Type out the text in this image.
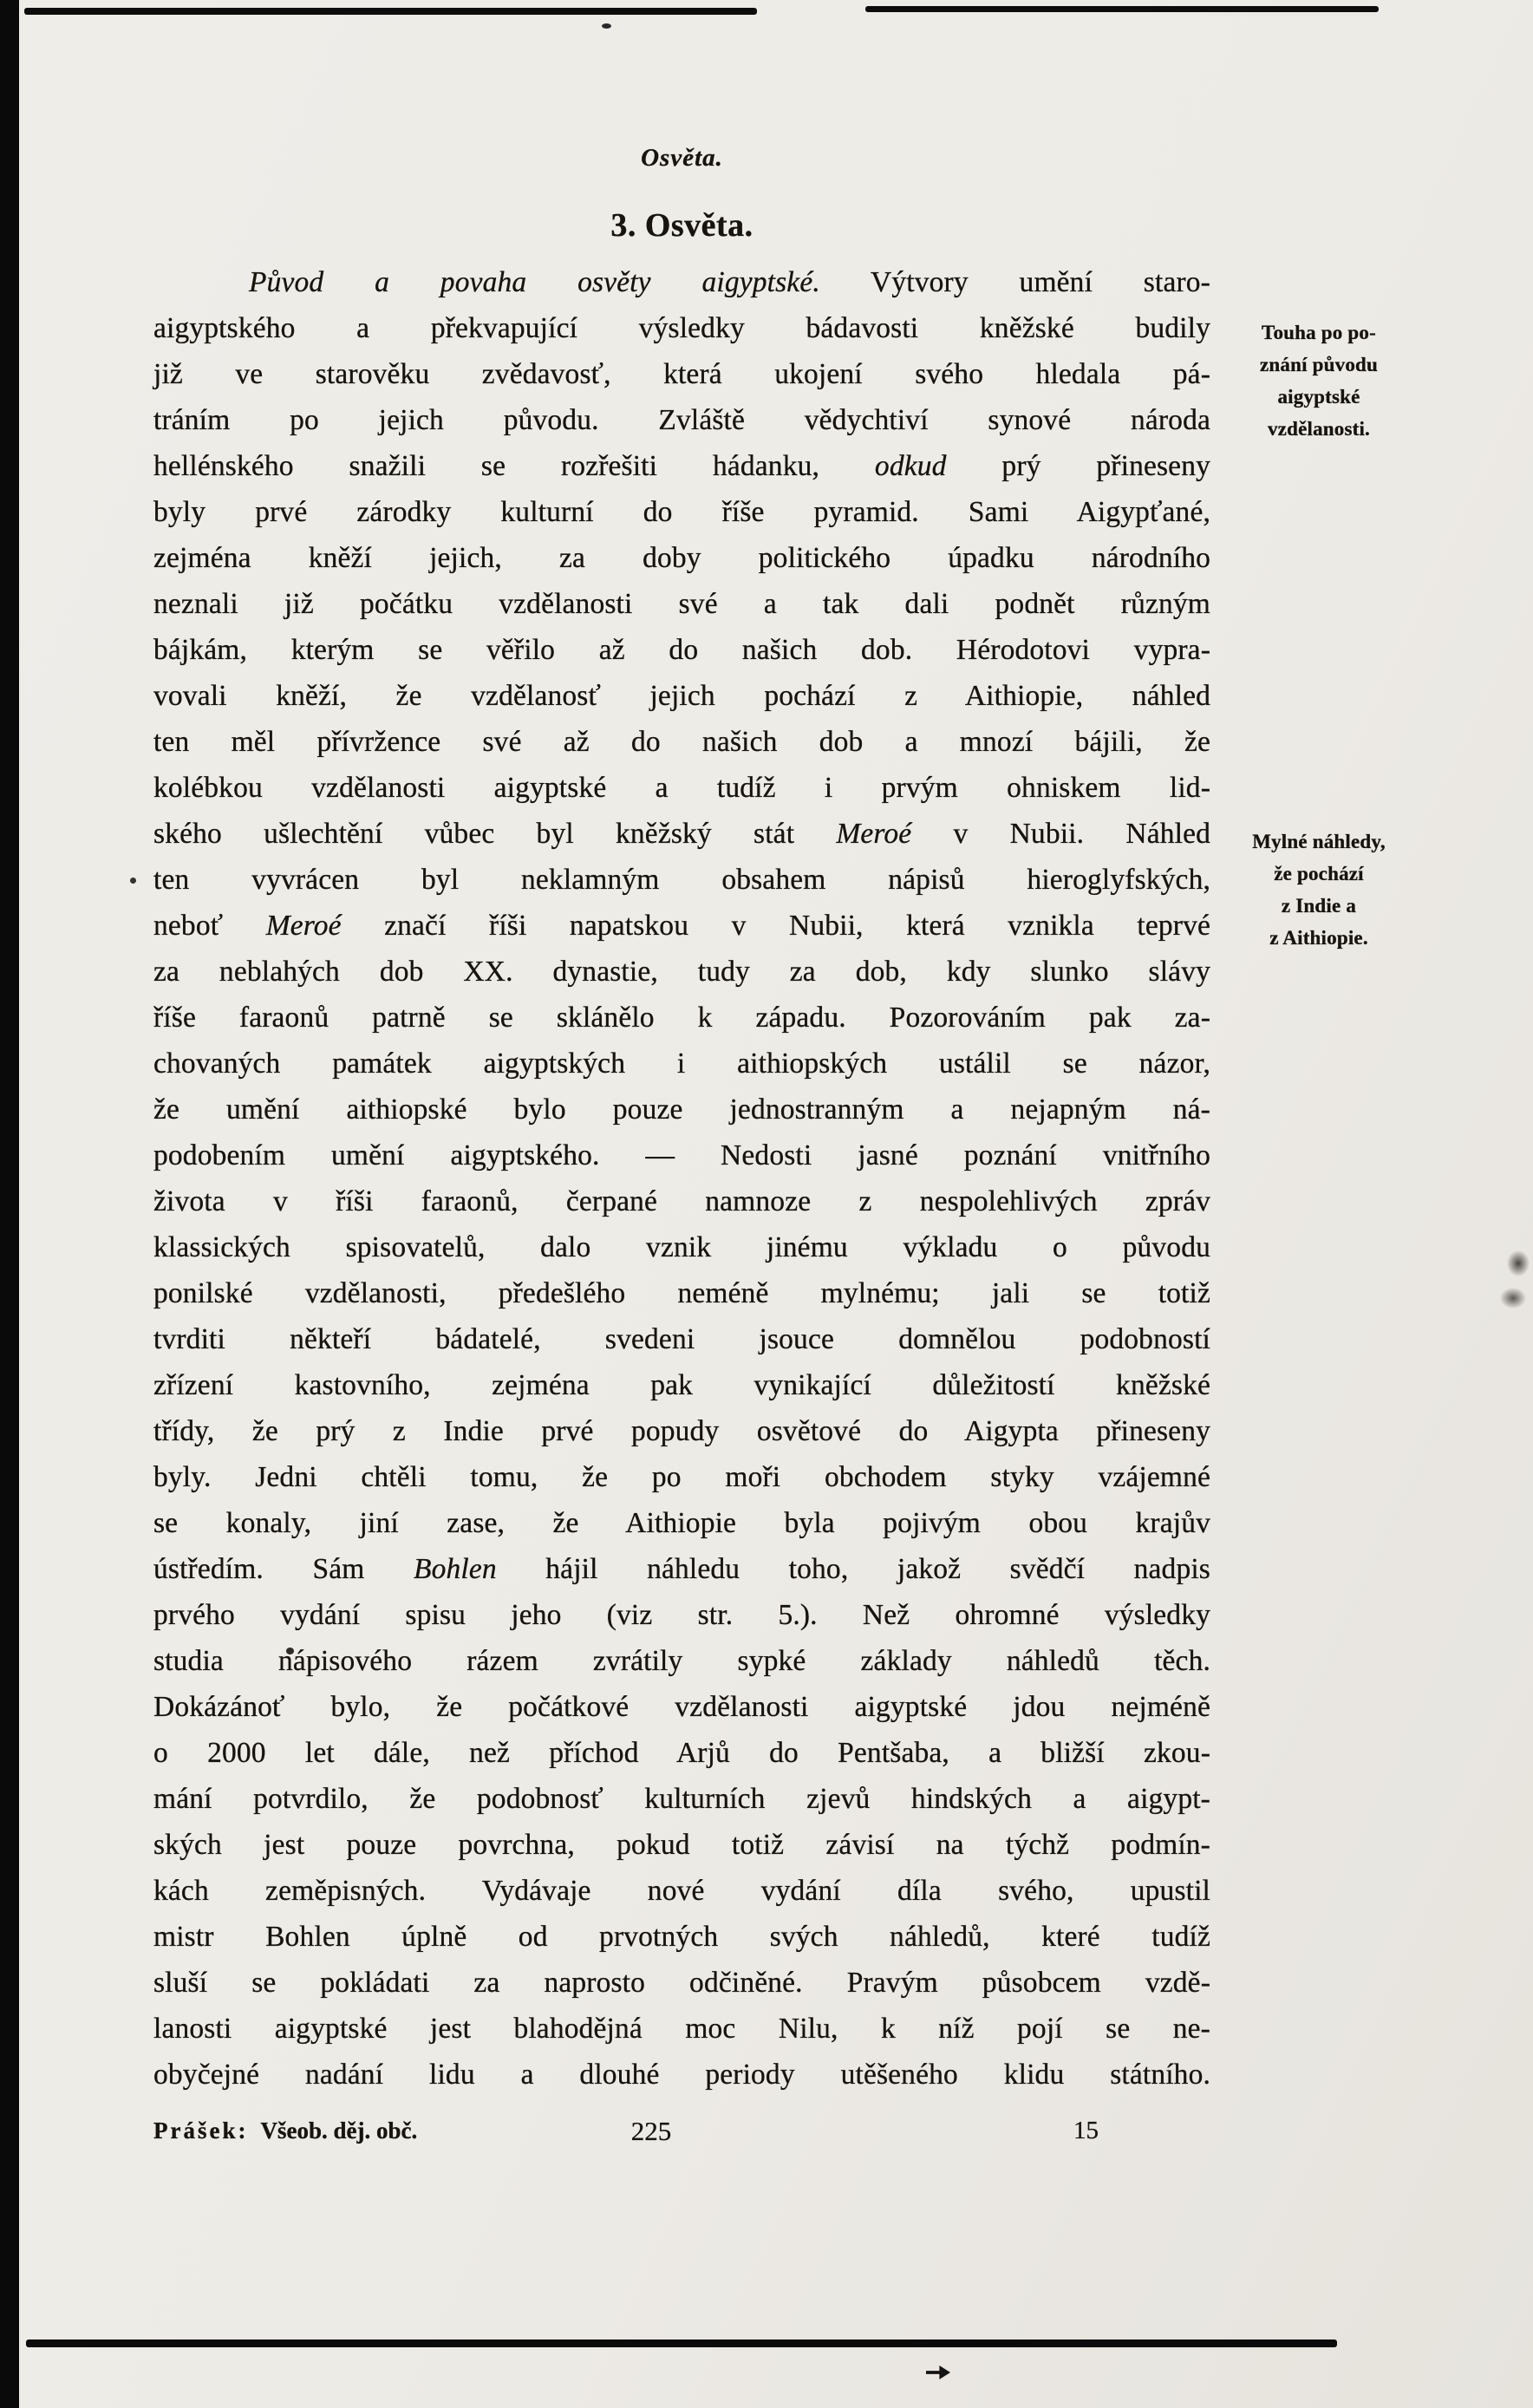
Osvěta.
3. Osvěta.
Původ a povaha osvěty aigyptské. Výtvory umění staro-
aigyptského a překvapující výsledky bádavosti kněžské budily
již ve starověku zvědavosť, která ukojení svého hledala pá-
tráním po jejich původu. Zvláště vědychtiví synové národa
hellénského snažili se rozřešiti hádanku, odkud prý přineseny
byly prvé zárodky kulturní do říše pyramid. Sami Aigypťané,
zejména kněží jejich, za doby politického úpadku národního
neznali již počátku vzdělanosti své a tak dali podnět různým
bájkám, kterým se věřilo až do našich dob. Hérodotovi vypra-
vovali kněží, že vzdělanosť jejich pochází z Aithiopie, náhled
ten měl přívržence své až do našich dob a mnozí bájili, že
kolébkou vzdělanosti aigyptské a tudíž i prvým ohniskem lid-
ského ušlechtění vůbec byl kněžský stát Meroé v Nubii. Náhled
ten vyvrácen byl neklamným obsahem nápisů hieroglyfských,
neboť Meroé značí říši napatskou v Nubii, která vznikla teprvé
za neblahých dob XX. dynastie, tudy za dob, kdy slunko slávy
říše faraonů patrně se sklánělo k západu. Pozorováním pak za-
chovaných památek aigyptských i aithiopských ustálil se názor,
že umění aithiopské bylo pouze jednostranným a nejapným ná-
podobením umění aigyptského. — Nedosti jasné poznání vnitřního
života v říši faraonů, čerpané namnoze z nespolehlivých zpráv
klassických spisovatelů, dalo vznik jinému výkladu o původu
ponilské vzdělanosti, předešlého neméně mylnému; jali se totiž
tvrditi někteří bádatelé, svedeni jsouce domnělou podobností
zřízení kastovního, zejména pak vynikající důležitostí kněžské
třídy, že prý z Indie prvé popudy osvětové do Aigypta přineseny
byly. Jedni chtěli tomu, že po moři obchodem styky vzájemné
se konaly, jiní zase, že Aithiopie byla pojivým obou krajův
ústředím. Sám Bohlen hájil náhledu toho, jakož svědčí nadpis
prvého vydání spisu jeho (viz str. 5.). Než ohromné výsledky
studia nápisového rázem zvrátily sypké základy náhledů těch.
Dokázánoť bylo, že počátkové vzdělanosti aigyptské jdou nejméně
o 2000 let dále, než příchod Arjů do Pentšaba, a bližší zkou-
mání potvrdilo, že podobnosť kulturních zjevů hindských a aigypt-
ských jest pouze povrchna, pokud totiž závisí na týchž podmín-
kách zeměpisných. Vydávaje nové vydání díla svého, upustil
mistr Bohlen úplně od prvotných svých náhledů, které tudíž
sluší se pokládati za naprosto odčiněné. Pravým působcem vzdě-
lanosti aigyptské jest blahodějná moc Nilu, k níž pojí se ne-
obyčejné nadání lidu a dlouhé periody utěšeného klidu státního.
Touha po po-
znání původu
aigyptské
vzdělanosti.
Mylné náhledy,
že pochází
z Indie a
z Aithiopie.
Prášek: Všeob. děj. obč.	225	15
